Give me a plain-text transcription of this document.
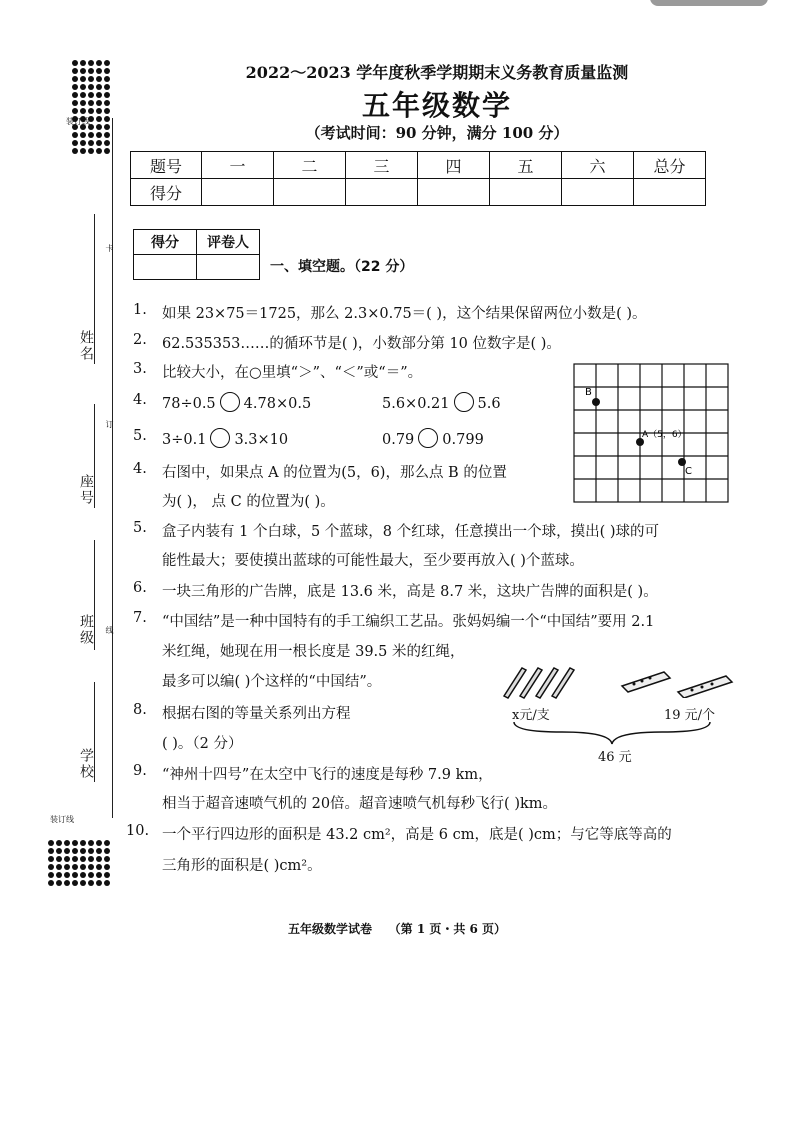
装订线
卡
订
线
姓名
座号
班级
学校
装订线
2022～2023 学年度秋季学期期末义务教育质量监测
五年级数学
（考试时间：90 分钟，满分 100 分）
题号	一	二	三	四	五	六	总分
得分							
得分	评卷人

一、填空题。（22 分）
1. 如果 23×75＝1725，那么 2.3×0.75＝( )，这个结果保留两位小数是( )。
2. 62.535353……的循环节是( )，小数部分第 10 位数字是( )。
3. 比较大小，在○里填“＞”、“＜”或“＝”。
4. 78÷0.5 4.78×0.5	5.6×0.21 5.6
5. 3÷0.1 3.3×10	0.79 0.799
4. 右图中，如果点 A 的位置为(5，6)，那么点 B 的位置
为( )， 点 C 的位置为( )。
5. 盒子内装有 1 个白球，5 个蓝球，8 个红球，任意摸出一个球，摸出( )球的可
能性最大；要使摸出蓝球的可能性最大，至少要再放入( )个蓝球。
6. 一块三角形的广告牌，底是 13.6 米，高是 8.7 米，这块广告牌的面积是( )。
7. “中国结”是一种中国特有的手工编织工艺品。张妈妈编一个“中国结”要用 2.1
米红绳，她现在用一根长度是 39.5 米的红绳，
最多可以编( )个这样的“中国结”。
8. 根据右图的等量关系列出方程
( )。（2 分）
9. “神州十四号”在太空中飞行的速度是每秒 7.9 km，
相当于超音速喷气机的 20倍。超音速喷气机每秒飞行( )km。
10. 一个平行四边形的面积是 43.2 cm²，高是 6 cm，底是( )cm；与它等底等高的
三角形的面积是( )cm²。
B
A（5，6）
C
x元/支	19 元/个
46 元
五年级数学试卷    （第 1 页・共 6 页）
